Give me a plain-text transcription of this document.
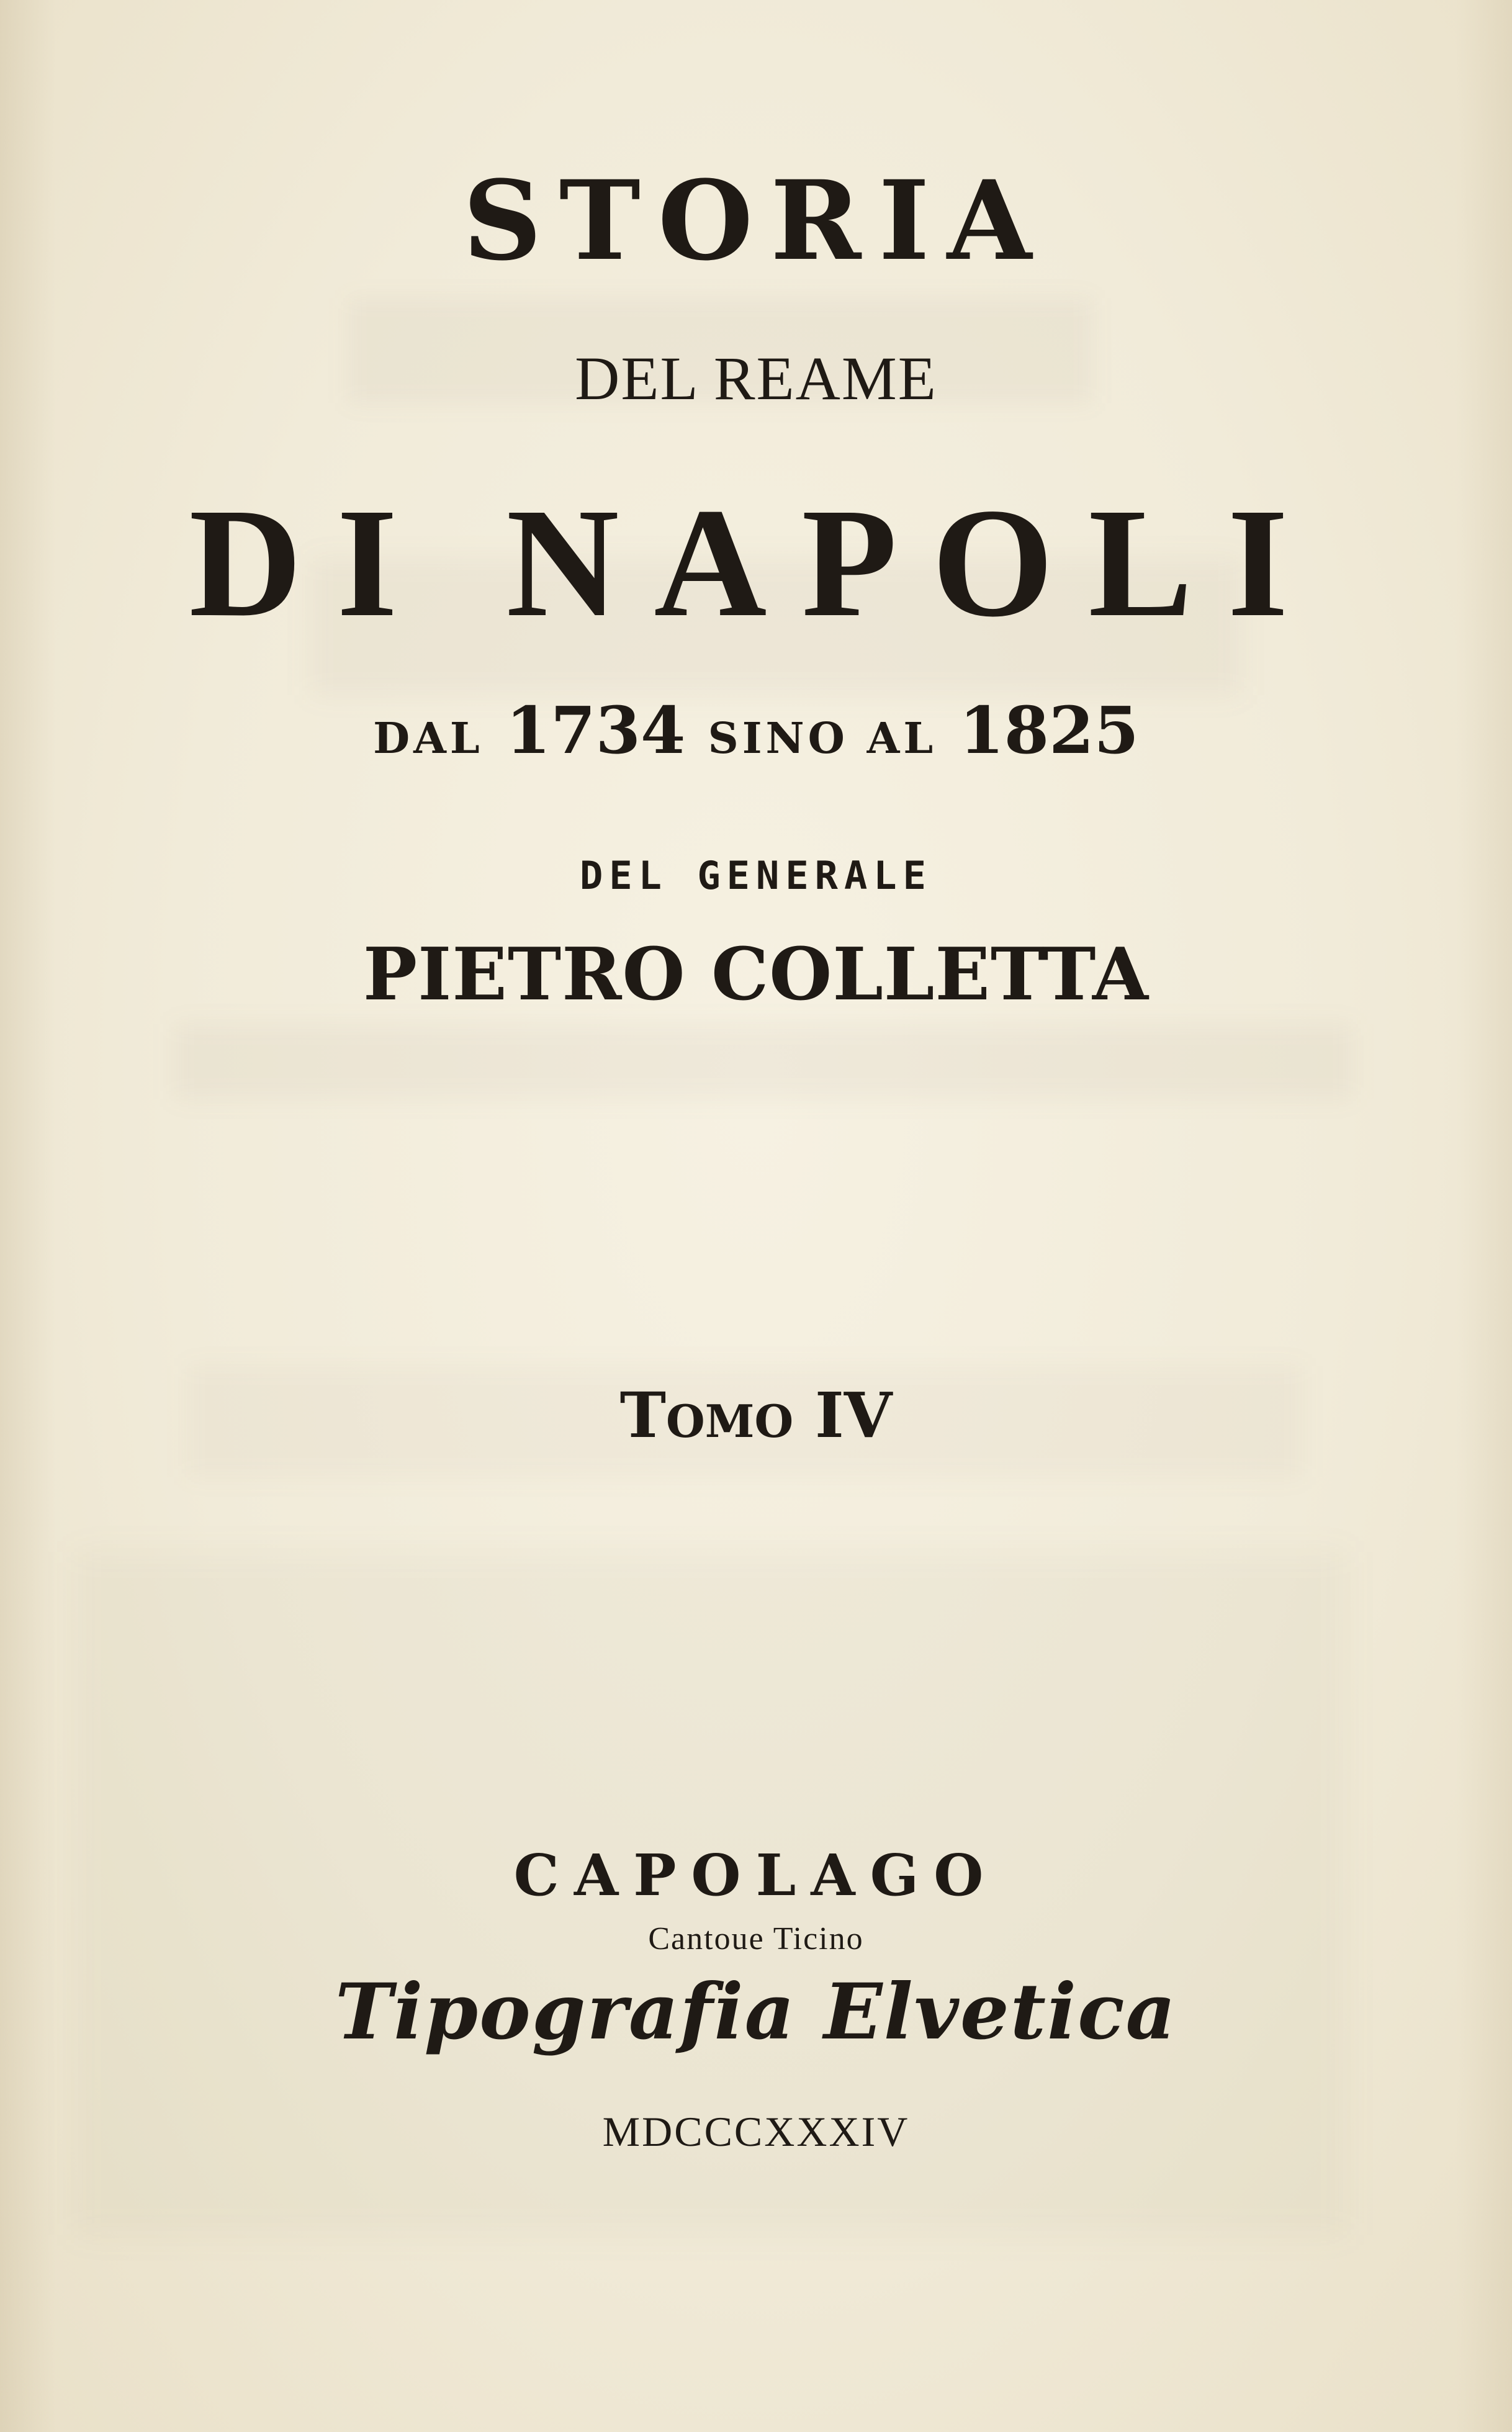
STORIA
DEL REAME
DI NAPOLI
DAL 1734 SINO AL 1825
DEL GENERALE
PIETRO COLLETTA
TOMO IV
CAPOLAGO
Cantoue Ticino
Tipografia Elvetica
MDCCCXXXIV
